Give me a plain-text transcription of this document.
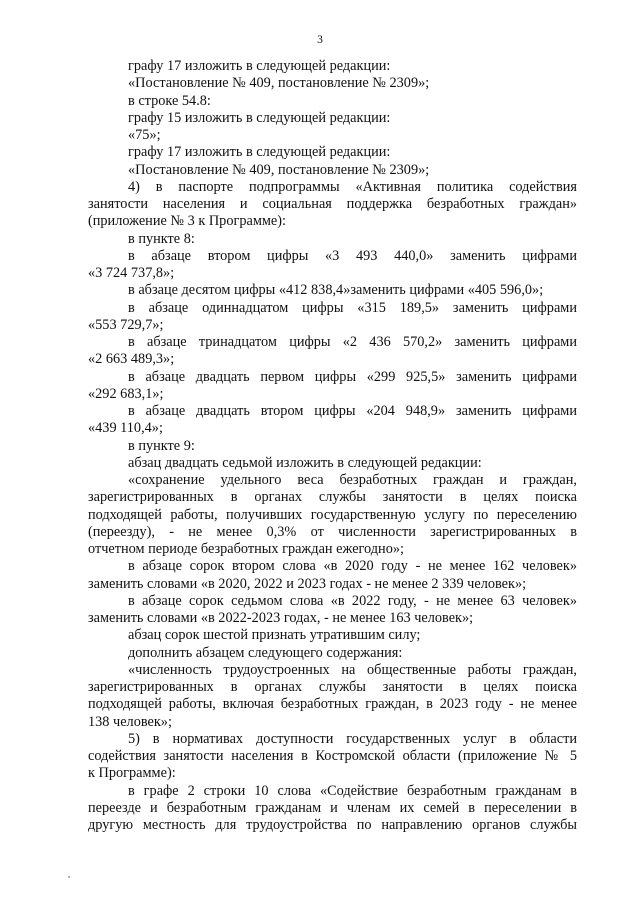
3
графу 17 изложить в следующей редакции:
«Постановление № 409, постановление № 2309»;
в строке 54.8:
графу 15 изложить в следующей редакции:
«75»;
графу 17 изложить в следующей редакции:
«Постановление № 409, постановление № 2309»;
4) в паспорте подпрограммы «Активная политика содействия
занятости населения и социальная поддержка безработных граждан»
(приложение № 3 к Программе):
в пункте 8:
в абзаце втором цифры «3 493 440,0» заменить цифрами
«3 724 737,8»;
в абзаце десятом цифры «412 838,4»заменить цифрами «405 596,0»;
в абзаце одиннадцатом цифры «315 189,5» заменить цифрами
«553 729,7»;
в абзаце тринадцатом цифры «2 436 570,2» заменить цифрами
«2 663 489,3»;
в абзаце двадцать первом цифры «299 925,5» заменить цифрами
«292 683,1»;
в абзаце двадцать втором цифры «204 948,9» заменить цифрами
«439 110,4»;
в пункте 9:
абзац двадцать седьмой изложить в следующей редакции:
«сохранение удельного веса безработных граждан и граждан,
зарегистрированных в органах службы занятости в целях поиска
подходящей работы, получивших государственную услугу по переселению
(переезду), - не менее 0,3% от численности зарегистрированных в
отчетном периоде безработных граждан ежегодно»;
в абзаце сорок втором слова «в 2020 году - не менее 162 человек»
заменить словами «в 2020, 2022 и 2023 годах - не менее 2 339 человек»;
в абзаце сорок седьмом слова «в 2022 году, - не менее 63 человек»
заменить словами «в 2022-2023 годах, - не менее 163 человек»;
абзац сорок шестой признать утратившим силу;
дополнить абзацем следующего содержания:
«численность трудоустроенных на общественные работы граждан,
зарегистрированных в органах службы занятости в целях поиска
подходящей работы, включая безработных граждан, в 2023 году - не менее
138 человек»;
5) в нормативах доступности государственных услуг в области
содействия занятости населения в Костромской области (приложение № 5
к Программе):
в графе 2 строки 10 слова «Содействие безработным гражданам в
переезде и безработным гражданам и членам их семей в переселении в
другую местность для трудоустройства по направлению органов службы
